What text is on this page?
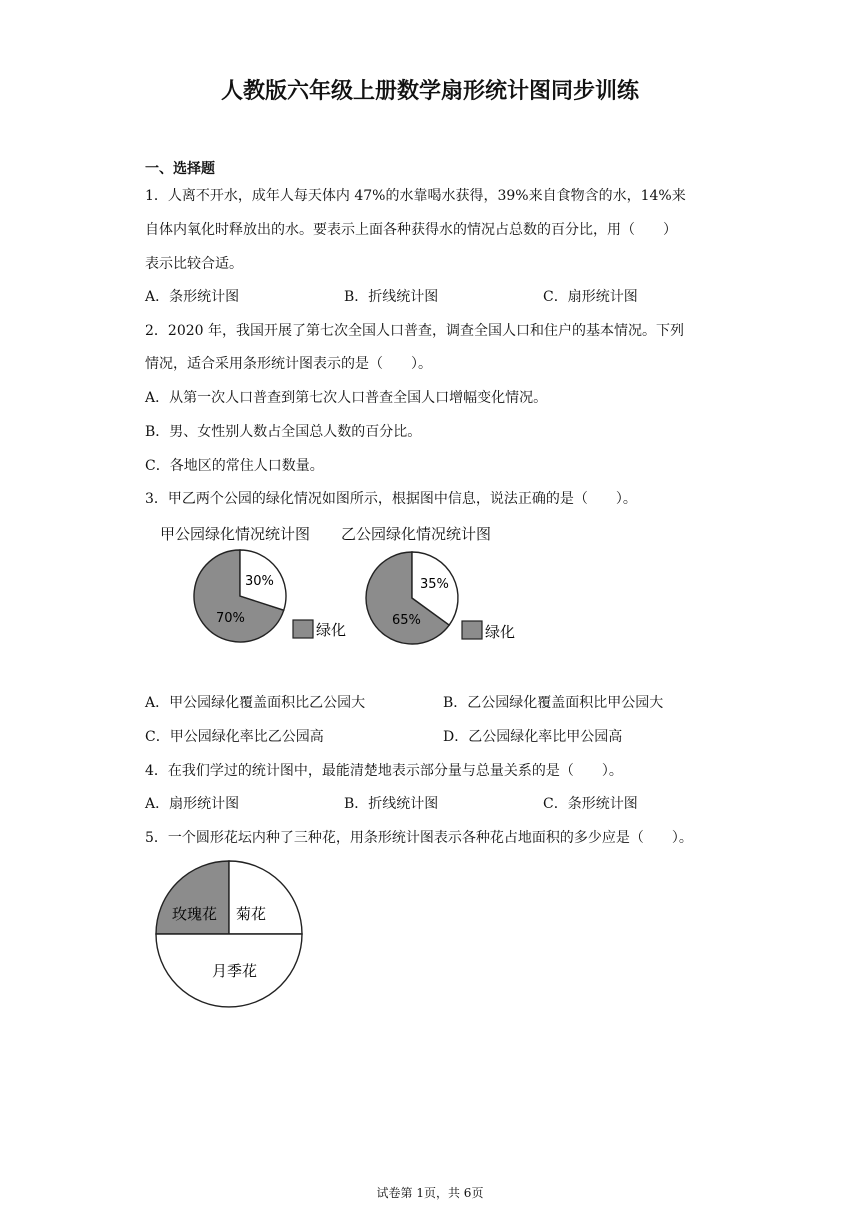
人教版六年级上册数学扇形统计图同步训练
一、选择题
1．人离不开水，成年人每天体内 47%的水靠喝水获得，39%来自食物含的水，14%来
自体内氧化时释放出的水。要表示上面各种获得水的情况占总数的百分比，用（　　）
表示比较合适。
A．条形统计图	B．折线统计图	C．扇形统计图
2．2020 年，我国开展了第七次全国人口普查，调查全国人口和住户的基本情况。下列
情况，适合采用条形统计图表示的是（　　）。
A．从第一次人口普查到第七次人口普查全国人口增幅变化情况。
B．男、女性别人数占全国总人数的百分比。
C．各地区的常住人口数量。
3．甲乙两个公园的绿化情况如图所示，根据图中信息，说法正确的是（　　）。
甲公园绿化情况统计图
30%
70%
绿化
乙公园绿化情况统计图
35%
65%
绿化
A．甲公园绿化覆盖面积比乙公园大	B．乙公园绿化覆盖面积比甲公园大
C．甲公园绿化率比乙公园高	D．乙公园绿化率比甲公园高
4．在我们学过的统计图中，最能清楚地表示部分量与总量关系的是（　　）。
A．扇形统计图	B．折线统计图	C．条形统计图
5．一个圆形花坛内种了三种花，用条形统计图表示各种花占地面积的多少应是（　　）。
玫瑰花 菊花
月季花
试卷第 1页，共 6页
